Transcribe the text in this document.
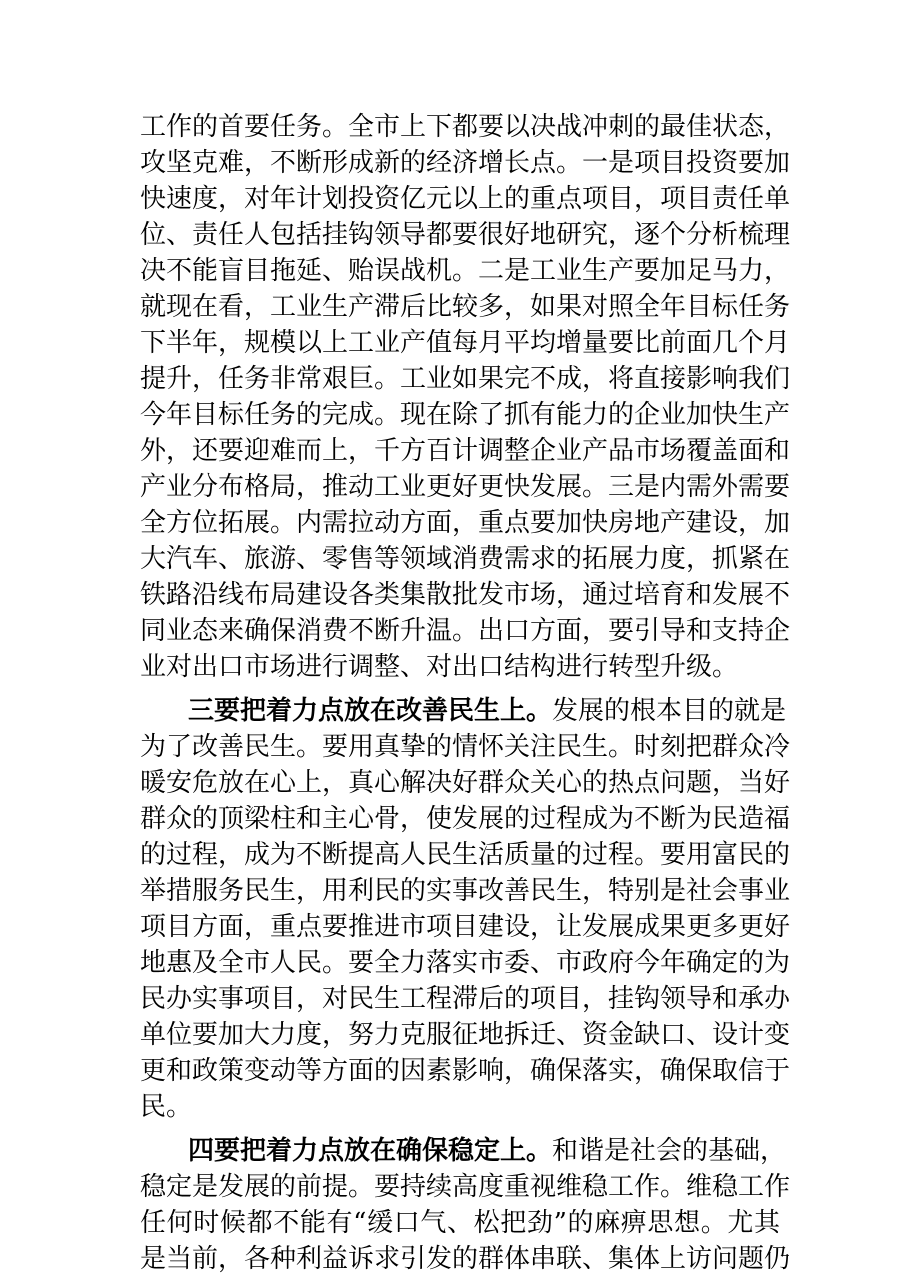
工作的首要任务。全市上下都要以决战冲刺的最佳状态，
攻坚克难，不断形成新的经济增长点。一是项目投资要加
快速度，对年计划投资亿元以上的重点项目，项目责任单
位、责任人包括挂钩领导都要很好地研究，逐个分析梳理
决不能盲目拖延、贻误战机。二是工业生产要加足马力，
就现在看，工业生产滞后比较多，如果对照全年目标任务
下半年，规模以上工业产值每月平均增量要比前面几个月
提升，任务非常艰巨。工业如果完不成，将直接影响我们
今年目标任务的完成。现在除了抓有能力的企业加快生产
外，还要迎难而上，千方百计调整企业产品市场覆盖面和
产业分布格局，推动工业更好更快发展。三是内需外需要
全方位拓展。内需拉动方面，重点要加快房地产建设，加
大汽车、旅游、零售等领域消费需求的拓展力度，抓紧在
铁路沿线布局建设各类集散批发市场，通过培育和发展不
同业态来确保消费不断升温。出口方面，要引导和支持企
业对出口市场进行调整、对出口结构进行转型升级。
三要把着力点放在改善民生上。发展的根本目的就是
为了改善民生。要用真挚的情怀关注民生。时刻把群众冷
暖安危放在心上，真心解决好群众关心的热点问题，当好
群众的顶梁柱和主心骨，使发展的过程成为不断为民造福
的过程，成为不断提高人民生活质量的过程。要用富民的
举措服务民生，用利民的实事改善民生，特别是社会事业
项目方面，重点要推进市项目建设，让发展成果更多更好
地惠及全市人民。要全力落实市委、市政府今年确定的为
民办实事项目，对民生工程滞后的项目，挂钩领导和承办
单位要加大力度，努力克服征地拆迁、资金缺口、设计变
更和政策变动等方面的因素影响，确保落实，确保取信于
民。
四要把着力点放在确保稳定上。和谐是社会的基础，
稳定是发展的前提。要持续高度重视维稳工作。维稳工作
任何时候都不能有“缓口气、松把劲”的麻痹思想。尤其
是当前，各种利益诉求引发的群体串联、集体上访问题仍
